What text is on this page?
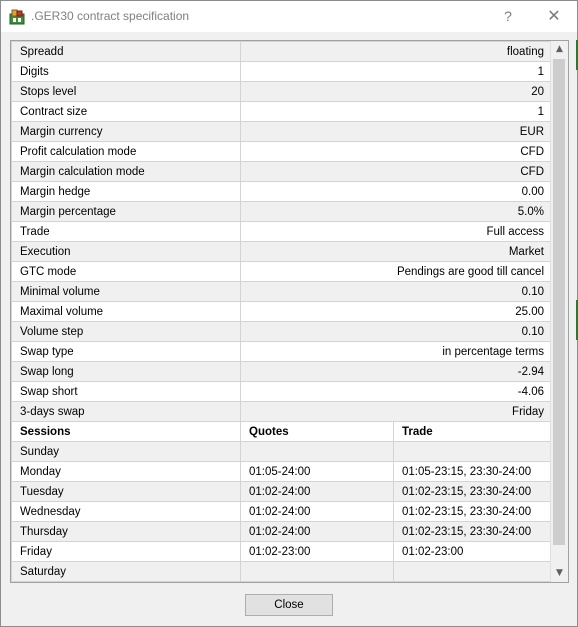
.GER30 contract specification	?	✕
Spreadd	floating	
Digits	1	
Stops level	20	
Contract size	1	
Margin currency	EUR	
Profit calculation mode	CFD	
Margin calculation mode	CFD	
Margin hedge	0.00	
Margin percentage	5.0%	
Trade	Full access	
Execution	Market	
GTC mode	Pendings are good till cancel	
Minimal volume	0.10	
Maximal volume	25.00	
Volume step	0.10	
Swap type	in percentage terms	
Swap long	-2.94	
Swap short	-4.06	
3-days swap	Friday	
Sessions	Quotes	Trade
Sunday		
Monday	01:05-24:00	01:05-23:15, 23:30-24:00
Tuesday	01:02-24:00	01:02-23:15, 23:30-24:00
Wednesday	01:02-24:00	01:02-23:15, 23:30-24:00
Thursday	01:02-24:00	01:02-23:15, 23:30-24:00
Friday	01:02-23:00	01:02-23:00
Saturday		
▲
▼
Close
